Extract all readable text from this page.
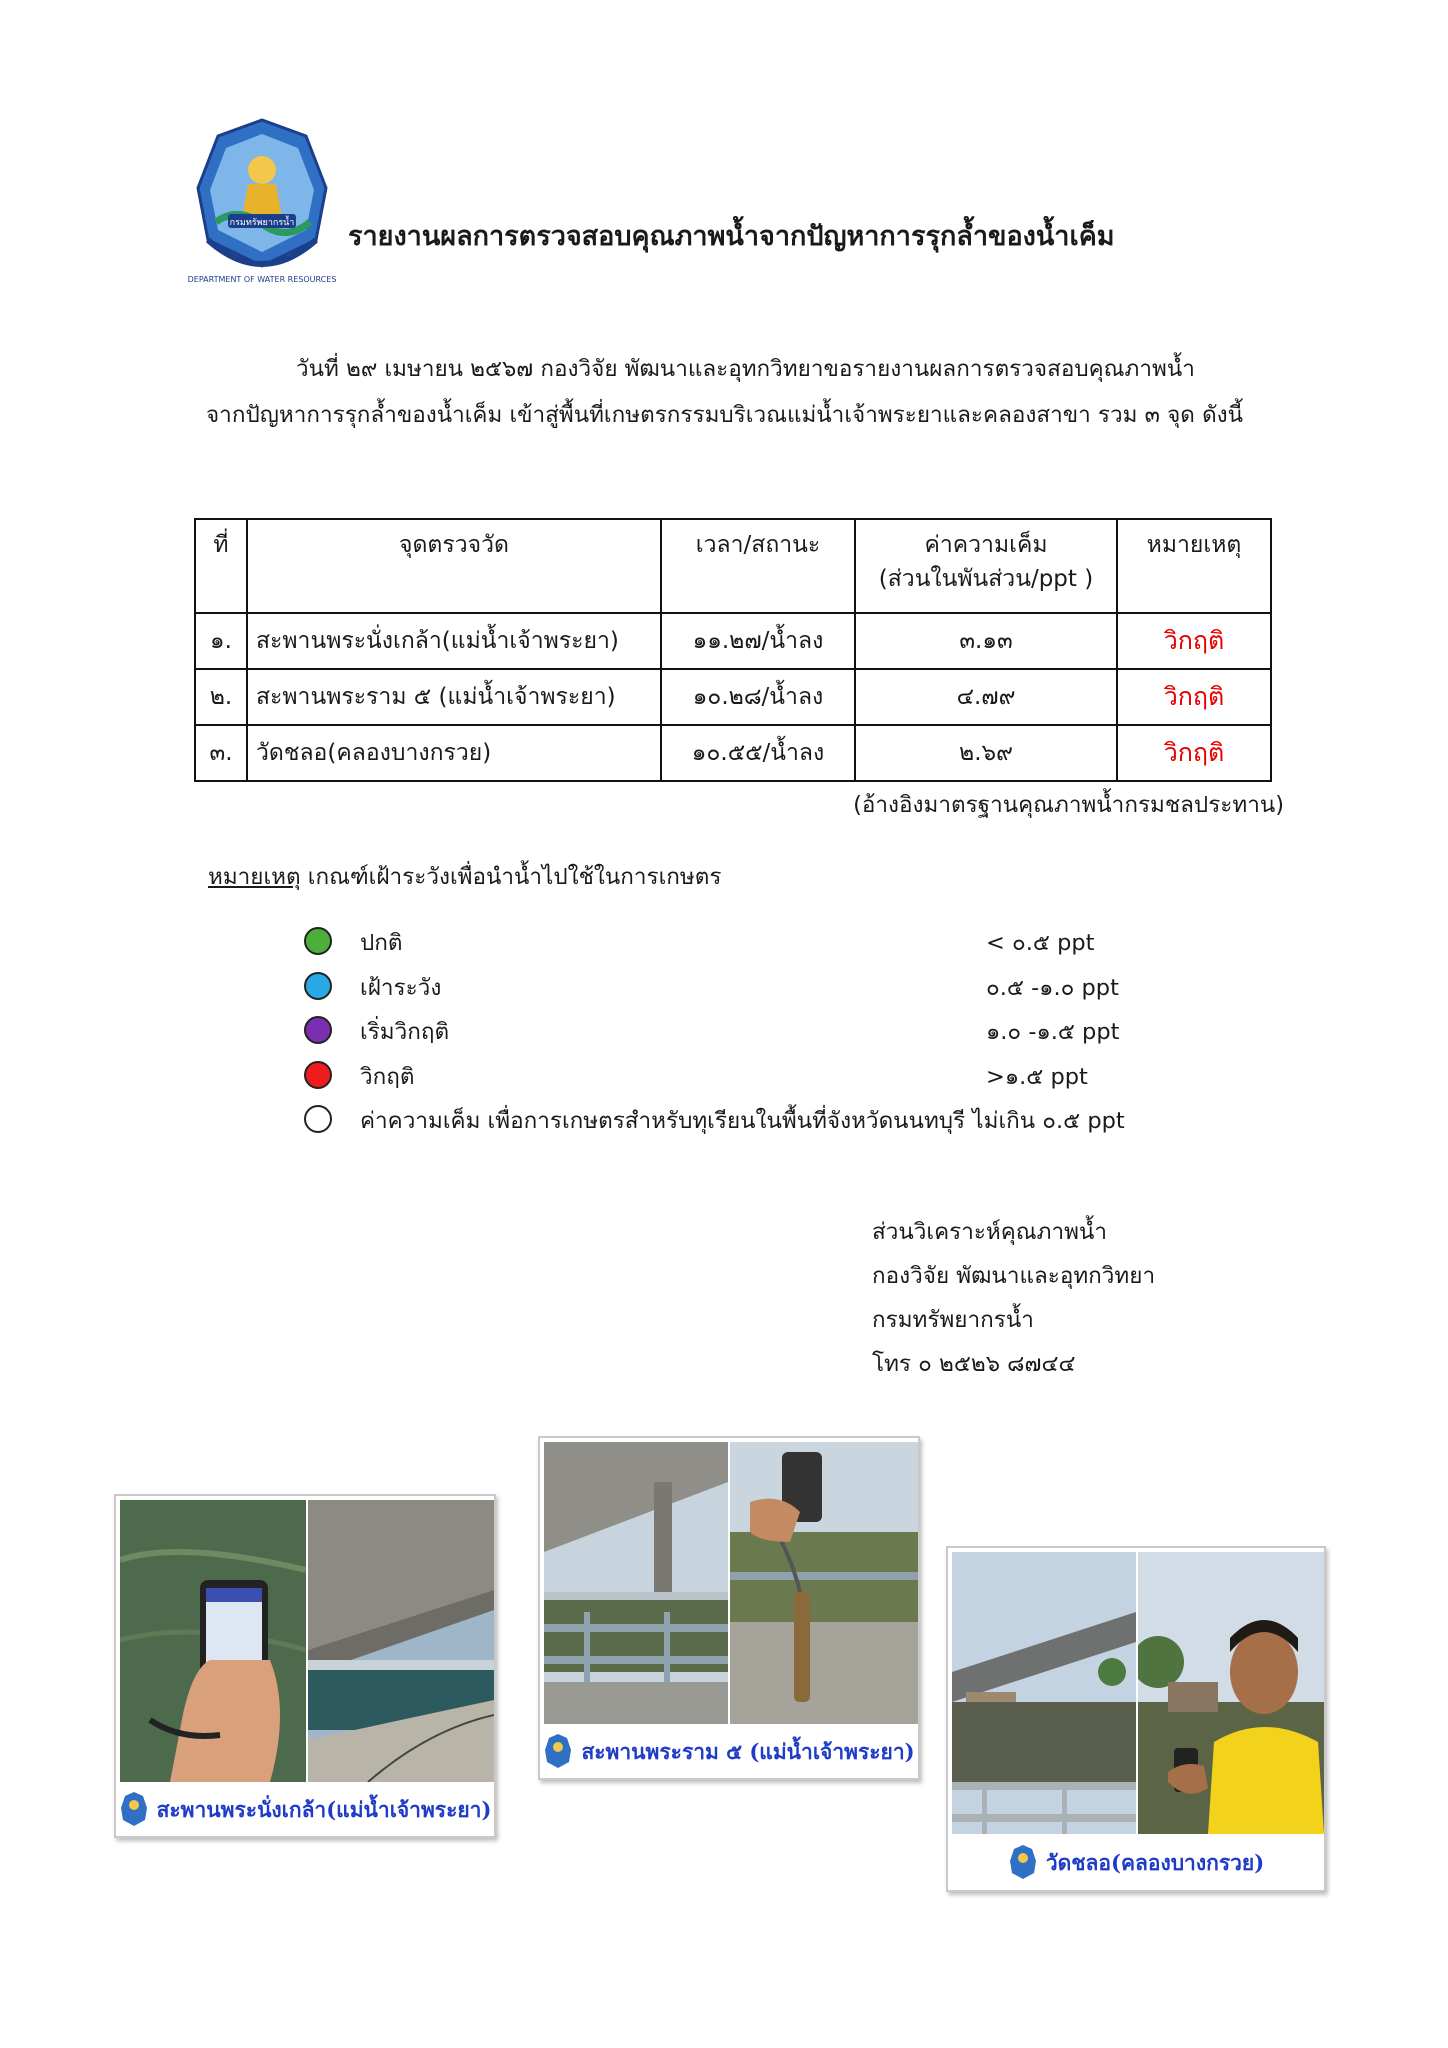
กรมทรัพยากรน้ำ
DEPARTMENT OF WATER RESOURCES
รายงานผลการตรวจสอบคุณภาพน้ำจากปัญหาการรุกล้ำของน้ำเค็ม

วันที่ ๒๙ เมษายน ๒๕๖๗ กองวิจัย พัฒนาและอุทกวิทยาขอรายงานผลการตรวจสอบคุณภาพน้ำ

จากปัญหาการรุกล้ำของน้ำเค็ม เข้าสู่พื้นที่เกษตรกรรมบริเวณแม่น้ำเจ้าพระยาและคลองสาขา รวม ๓ จุด ดังนี้

ที่	จุดตรวจวัด	เวลา/สถานะ	ค่าความเค็ม
(ส่วนในพันส่วน/ppt )	หมายเหตุ
๑.	สะพานพระนั่งเกล้า(แม่น้ำเจ้าพระยา)	๑๑.๒๗/น้ำลง	๓.๑๓	วิกฤติ
๒.	สะพานพระราม ๕ (แม่น้ำเจ้าพระยา)	๑๐.๒๘/น้ำลง	๔.๗๙	วิกฤติ
๓.	วัดชลอ(คลองบางกรวย)	๑๐.๕๕/น้ำลง	๒.๖๙	วิกฤติ
(อ้างอิงมาตรฐานคุณภาพน้ำกรมชลประทาน)
หมายเหตุ เกณฑ์เฝ้าระวังเพื่อนำน้ำไปใช้ในการเกษตร
ปกติ	< ๐.๕ ppt
เฝ้าระวัง	๐.๕ -๑.๐ ppt
เริ่มวิกฤติ	๑.๐ -๑.๕ ppt
วิกฤติ	>๑.๕ ppt
ค่าความเค็ม เพื่อการเกษตรสำหรับทุเรียนในพื้นที่จังหวัดนนทบุรี ไม่เกิน ๐.๕ ppt
ส่วนวิเคราะห์คุณภาพน้ำ
กองวิจัย พัฒนาและอุทกวิทยา
กรมทรัพยากรน้ำ
โทร ๐ ๒๕๒๖ ๘๗๔๔
สะพานพระนั่งเกล้า(แม่น้ำเจ้าพระยา)
สะพานพระราม ๕ (แม่น้ำเจ้าพระยา)
วัดชลอ(คลองบางกรวย)
